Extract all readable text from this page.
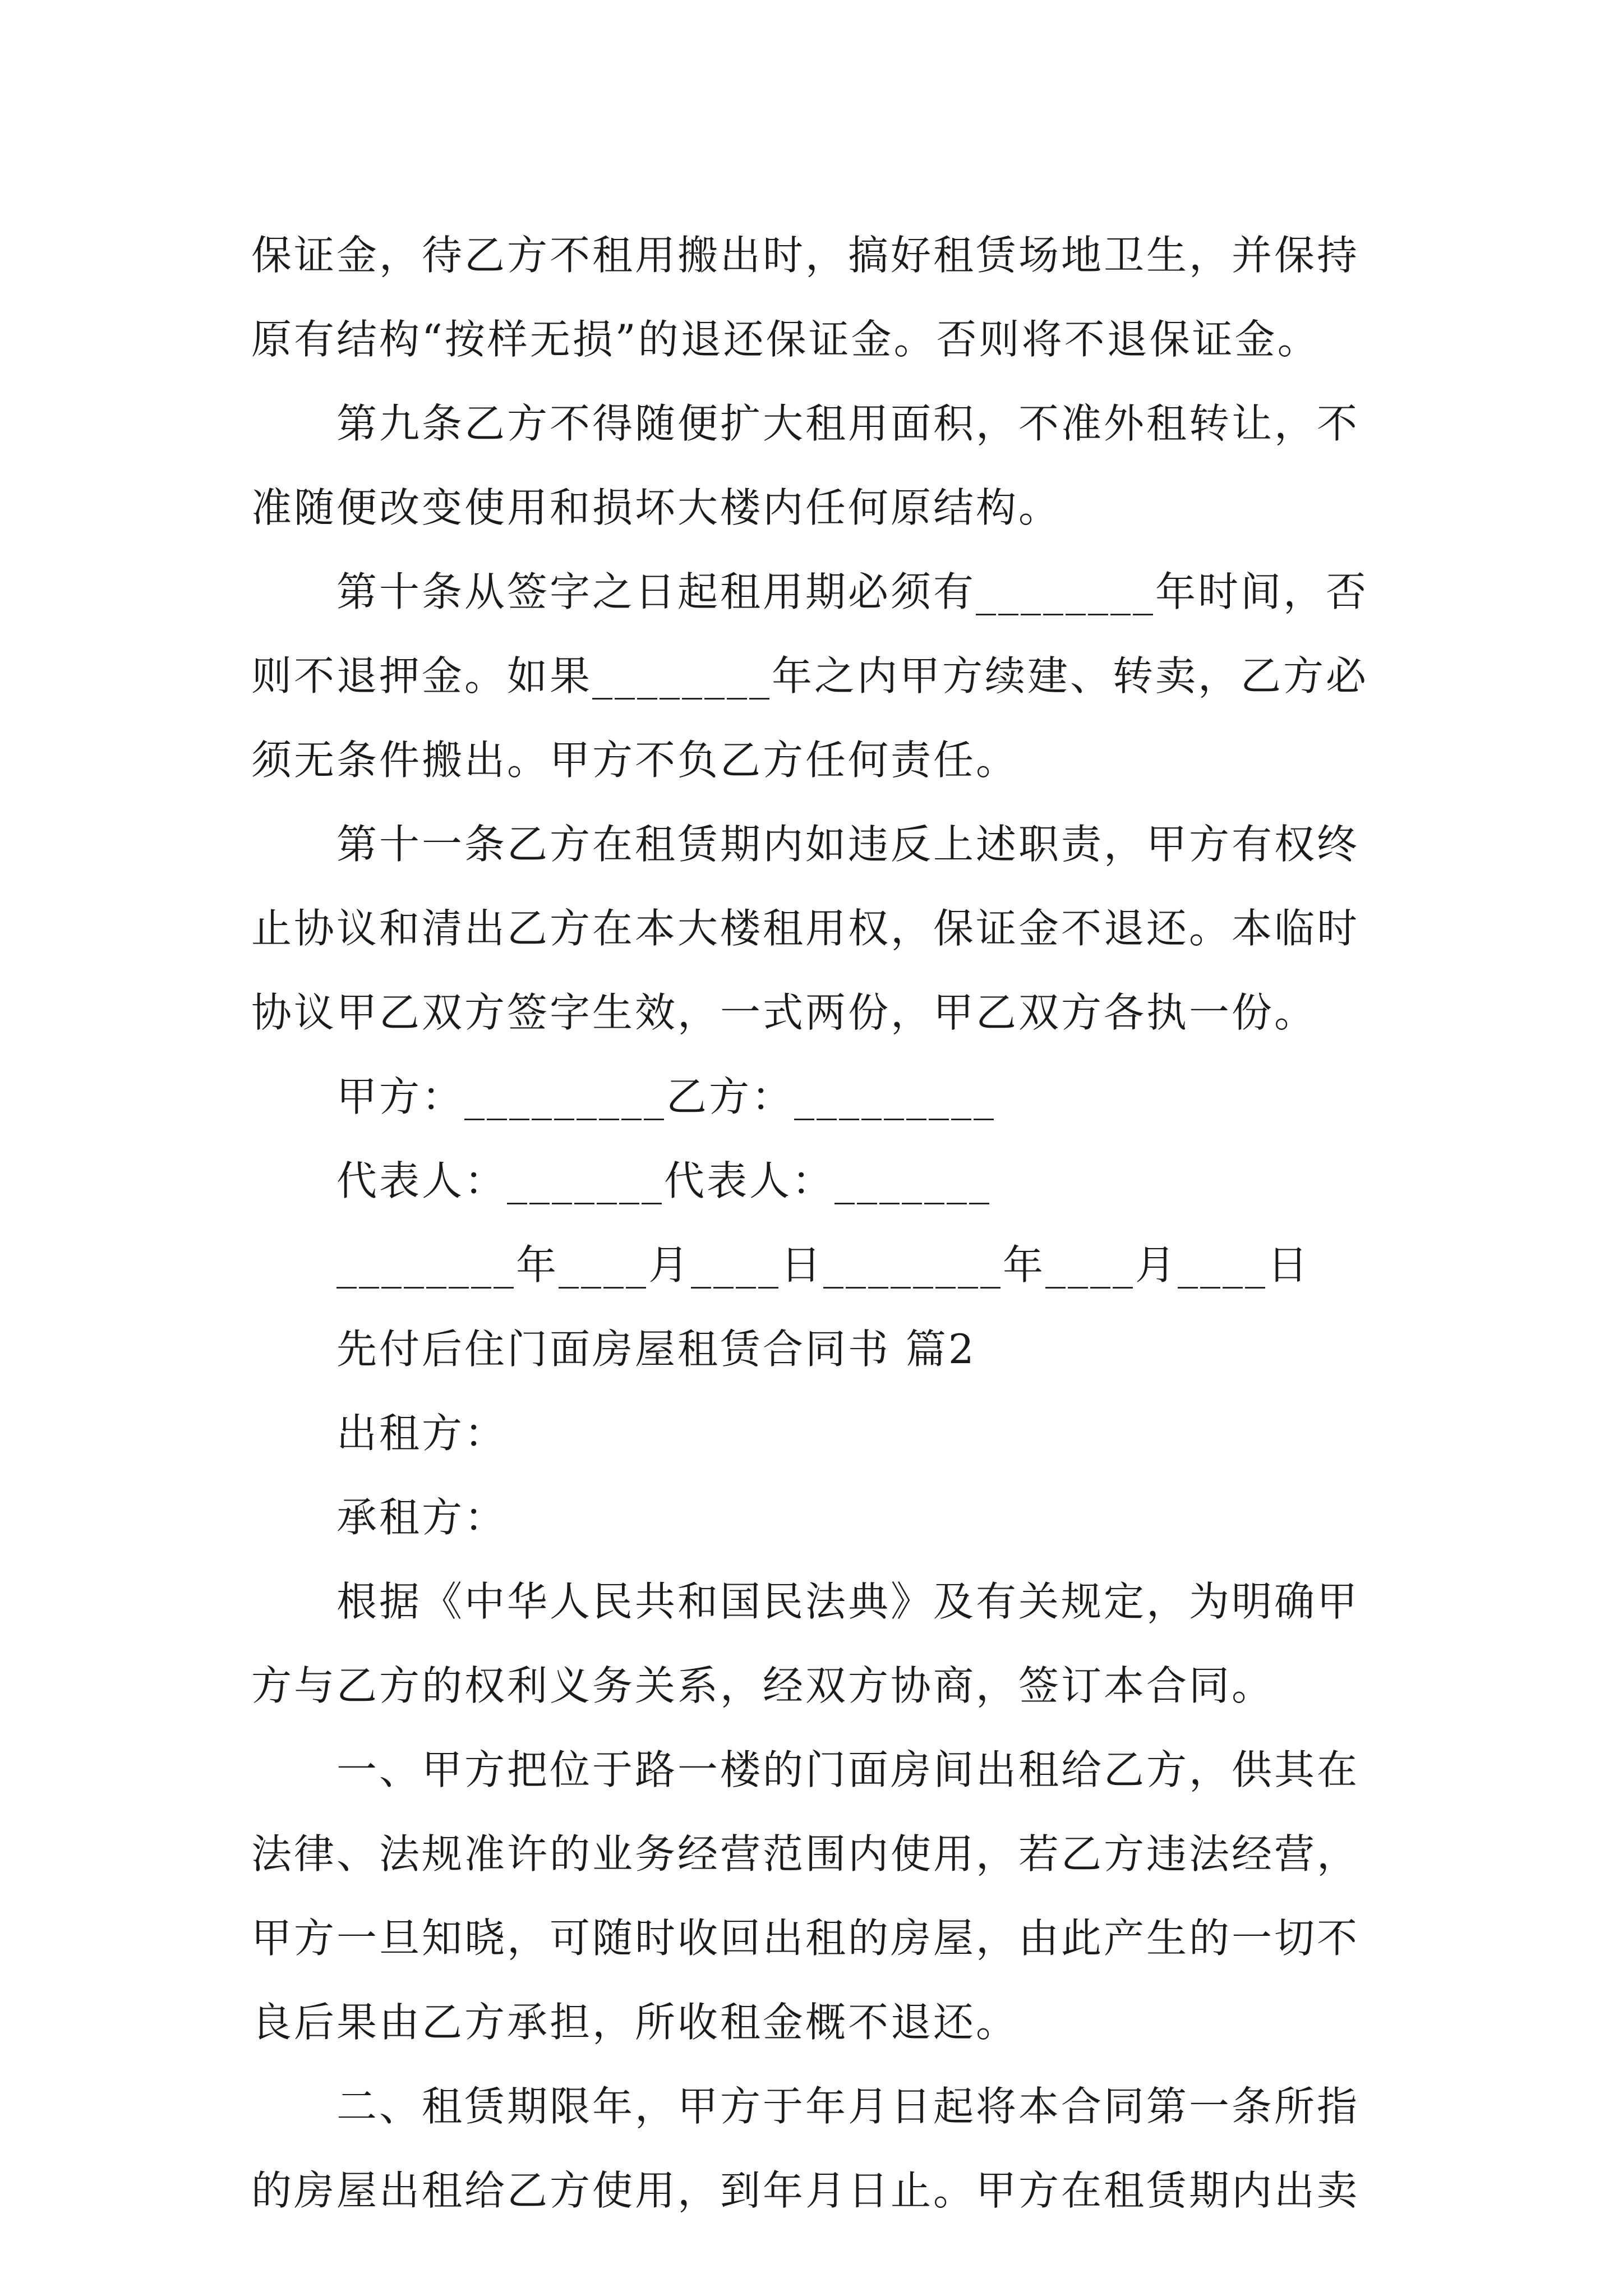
保证金，待乙方不租用搬出时，搞好租赁场地卫生，并保持
原有结构“按样无损”的退还保证金。否则将不退保证金。
第九条乙方不得随便扩大租用面积，不准外租转让，不
准随便改变使用和损坏大楼内任何原结构。
第十条从签字之日起租用期必须有________年时间，否
则不退押金。如果________年之内甲方续建、转卖，乙方必
须无条件搬出。甲方不负乙方任何责任。
第十一条乙方在租赁期内如违反上述职责，甲方有权终
止协议和清出乙方在本大楼租用权，保证金不退还。本临时
协议甲乙双方签字生效，一式两份，甲乙双方各执一份。
甲方：_________乙方：_________
代表人：_______代表人：_______
________年____月____日________年____月____日
先付后住门面房屋租赁合同书 篇2
出租方：
承租方：
根据《中华人民共和国民法典》及有关规定，为明确甲
方与乙方的权利义务关系，经双方协商，签订本合同。
一、甲方把位于路一楼的门面房间出租给乙方，供其在
法律、法规准许的业务经营范围内使用，若乙方违法经营，
甲方一旦知晓，可随时收回出租的房屋，由此产生的一切不
良后果由乙方承担，所收租金概不退还。
二、租赁期限年，甲方于年月日起将本合同第一条所指
的房屋出租给乙方使用，到年月日止。甲方在租赁期内出卖
